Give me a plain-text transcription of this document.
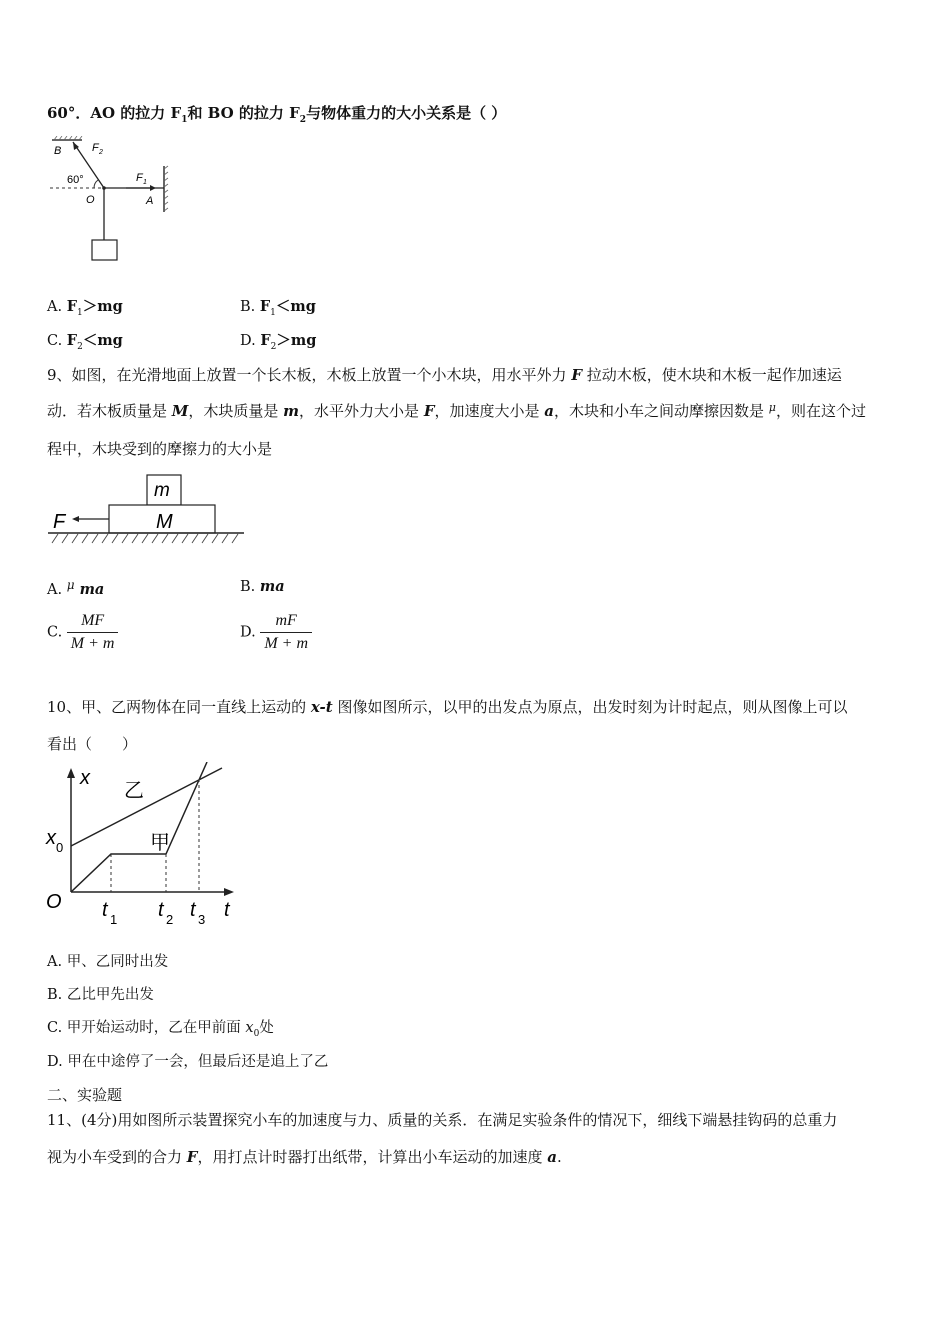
60°．AO 的拉力 $F_1$和 BO 的拉力 $F_2$与物体重力的大小关系是（ ）
B	F 2
60°
O
F 1
A
A. $F_1>mg$	B. $F_1<mg$
C. $F_2<mg$	D. $F_2>mg$
9、如图，在光滑地面上放置一个长木板，木板上放置一个小木块，用水平外力 F 拉动木板，使木块和木板一起作加速运
动．若木板质量是 M，木块质量是 m，水平外力大小是 F，加速度大小是 a，木块和小车之间动摩擦因数是 $^\mu$，则在这个过
程中，木块受到的摩擦力的大小是
m
M
F
A. $^\mu$ ma	B. ma
C. $\frac{MF}{M + m}$	D. $\frac{mF}{M + m}$
10、甲、乙两物体在同一直线上运动的 x-t 图像如图所示，以甲的出发点为原点，出发时刻为计时起点，则从图像上可以
看出（　　）
x
t
O
x 0
乙
甲
t 1 t 2 t 3
A. 甲、乙同时出发
B. 乙比甲先出发
C. 甲开始运动时，乙在甲前面 $x_0$处
D. 甲在中途停了一会，但最后还是追上了乙
二、实验题
11、(4分)用如图所示装置探究小车的加速度与力、质量的关系．在满足实验条件的情况下，细线下端悬挂钩码的总重力
视为小车受到的合力 F，用打点计时器打出纸带，计算出小车运动的加速度 a.
